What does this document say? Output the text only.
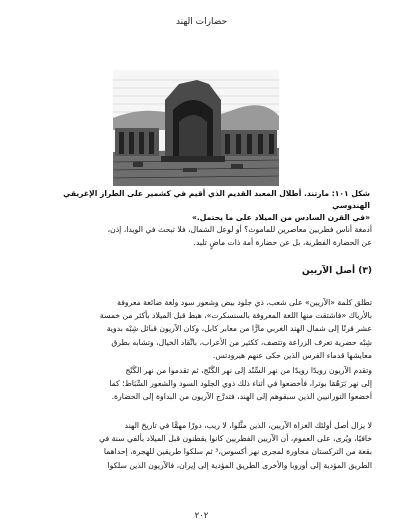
حضارات الهند

شكل ١٠١: مارتند. أطلال المعبد القديم الذي أقيم في كشمير على الطراز الإغريقي الهندوسي

«في القرن السادس من الميلاد على ما يحتمل.»

أدمغة أناس فطريين معاصرين للماموث؟ أو لوعل الشمال، فلا تبحث في الويدا، إذن،

عن الحضارة الفطرية، بل عن حضارة أمة ذات ماضٍ تليد.

(٣) أصل الآريين

تطلق كلمة «الآريين» على شعب، ذي جلود بيض وشعور سود ولغة ضائعة معروفة

بالأرياك «فاشتقت منها اللغة المعروفة بالسنسكرت»، هبط قبل الميلاد بأكثر من خمسة

عشر قرنًا إلى شمال الهند الغربي مارًّا من معابر كابل، وكان الآريون قبائل شِبْه بدوية

شِبْه حضرية تعرف الزراعة وتتصف، ككثير من الأعراب، باتِّقاد الخيال، وتشابه بطرق

معايشها قدماء الفرس الذين حكى عنهم هيرودتس.

وتقدم الآريون رويدًا رويدًا من نهر السِّنْد إلى نهر الگَنْج، ثم تقدموا من نهر الگَنْج

إلى نهر بَرَهْمَا بوترا، فأخضعوا في أثناء ذلك ذوي الجلود السود والشعور السِّبَاط؛ كما

أخضعوا التورانيين الذين سبقوهم إلى الهند، فتدرَّج الآريون من البداوة إلى الحضارة.

لا يزال أصل أولئك الغزاة الآريين، الذين مثَّلوا، لا ريب، دورًا مهمًّا في تاريخ الهند

خافيًا، ويُرى، على العموم، أن الآريين الفطريين كانوا يقطنون قبل الميلاد بألفي سنة في

بقعة من التركستان مجاورة لمجرى نهر أكسوس،³ ثم سلكوا طريقين للهجرة، إحداهما

الطريق المؤدية إلى أوروبا والأخرى الطريق المؤدية إلى إيران، فالآريون الذين سلكوا

٢٠٢
